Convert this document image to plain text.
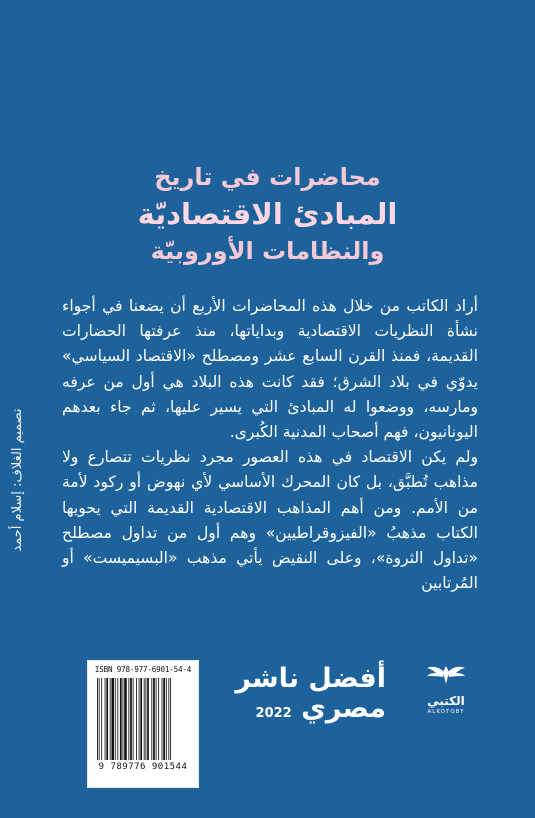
محاضرات في تاريخ
المبادئ الاقتصاديّة
والنظامات الأوروبيّة

أراد الكاتب من خلال هذه المحاضرات الأربع أن يضعنا في أجواء نشأة النظريات الاقتصادية وبداياتها، منذ عرفتها الحضارات القديمة، فمنذ القرن السابع عشر ومصطلح «الاقتصاد السياسي» يدوّي في بلاد الشرق؛ فقد كانت هذه البلاد هي أول من عرفه ومارسه، ووضعوا له المبادئ التي يسير عليها، ثم جاء بعدهم اليونانيون، فهم أصحاب المدنية الكُبرى.

ولم يكن الاقتصاد في هذه العصور مجرد نظريات تتصارع ولا مذاهب تُطبَّق، بل كان المحرك الأساسي لأي نهوض أو ركود لأمة من الأمم. ومن أهم المذاهب الاقتصادية القديمة التي يحويها الكتاب مذهبُ «الفيزوقراطيين» وهم أول من تداول مصطلح «تداول الثروة»، وعلى النقيض يأتي مذهب «البسيميست» أو المُرتابين

تصميم الغلاف: إسلام أحمد
ISBN 978-977-6901-54-4
9 789776 901544
أفضل ناشر
مصري 2022
الكتبي
ALKOTOBY
